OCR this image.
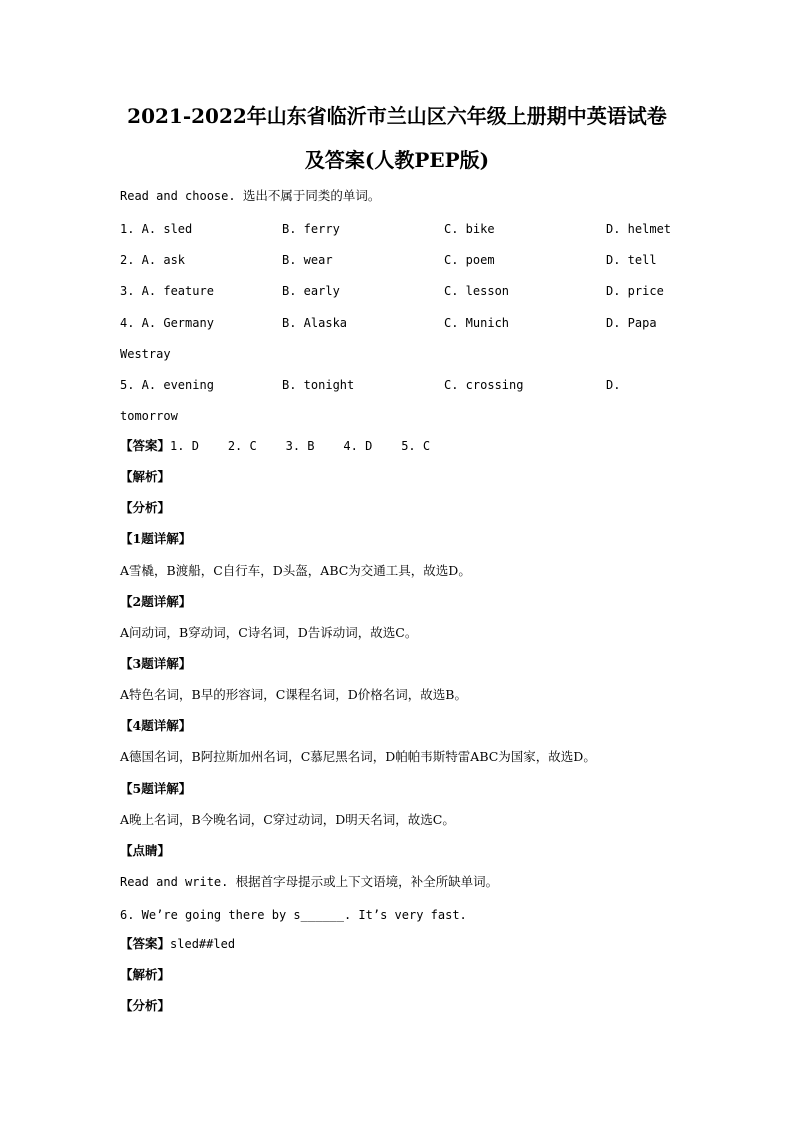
2021-2022年山东省临沂市兰山区六年级上册期中英语试卷
及答案(人教PEP版)
Read and choose. 选出不属于同类的单词。
1. A. sled	B. ferry	C. bike	D. helmet
2. A. ask	B. wear	C. poem	D. tell
3. A. feature	B. early	C. lesson	D. price
4. A. Germany	B. Alaska	C. Munich	D. Papa
Westray
5. A. evening	B. tonight	C. crossing	D.
tomorrow
【答案】1. D    2. C    3. B    4. D    5. C
【解析】
【分析】
【1题详解】
A雪橇，B渡船，C自行车，D头盔，ABC为交通工具，故选D。
【2题详解】
A问动词，B穿动词，C诗名词，D告诉动词，故选C。
【3题详解】
A特色名词，B早的形容词，C课程名词，D价格名词，故选B。
【4题详解】
A德国名词，B阿拉斯加州名词，C慕尼黑名词，D帕帕韦斯特雷ABC为国家，故选D。
【5题详解】
A晚上名词，B今晚名词，C穿过动词，D明天名词，故选C。
【点睛】
Read and write. 根据首字母提示或上下文语境，补全所缺单词。
6. We’re going there by s______. It’s very fast.
【答案】sled##led
【解析】
【分析】
